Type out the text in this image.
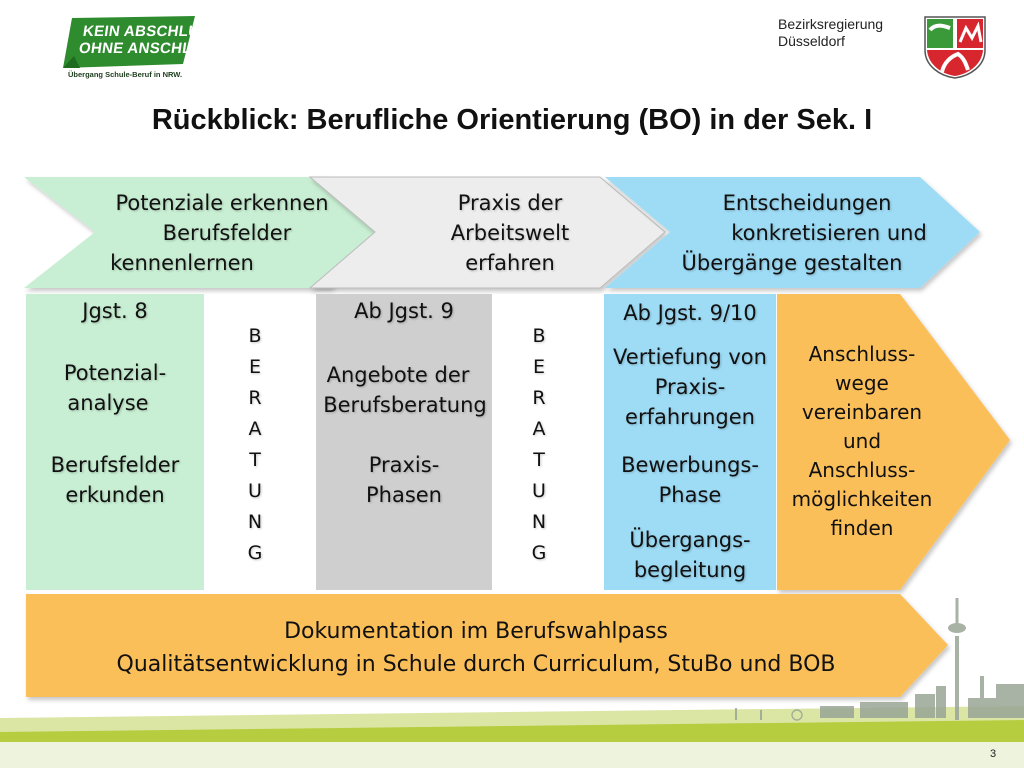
KEIN ABSCHLUSS
OHNE ANSCHLUSS
Übergang Schule-Beruf in NRW.
Bezirksregierung
Düsseldorf
Rückblick: Berufliche Orientierung (BO) in der Sek. I
Potenziale erkennen
Berufsfelder
kennenlernen
Praxis der
Arbeitswelt
erfahren
Entscheidungen
konkretisieren und
Übergänge gestalten
Jgst. 8
Potenzial-
analyse
Berufsfelder
erkunden
B
E
R
A
T
U
N
G
Ab Jgst. 9
Angebote der
Berufsberatung
Praxis-
Phasen
B
E
R
A
T
U
N
G
Ab Jgst. 9/10
Vertiefung von
Praxis-
erfahrungen
Bewerbungs-
Phase
Übergangs-
begleitung
Anschluss-
wege
vereinbaren
und
Anschluss-
möglichkeiten
finden
Dokumentation im Berufswahlpass
Qualitätsentwicklung in Schule durch Curriculum, StuBo und BOB
3
